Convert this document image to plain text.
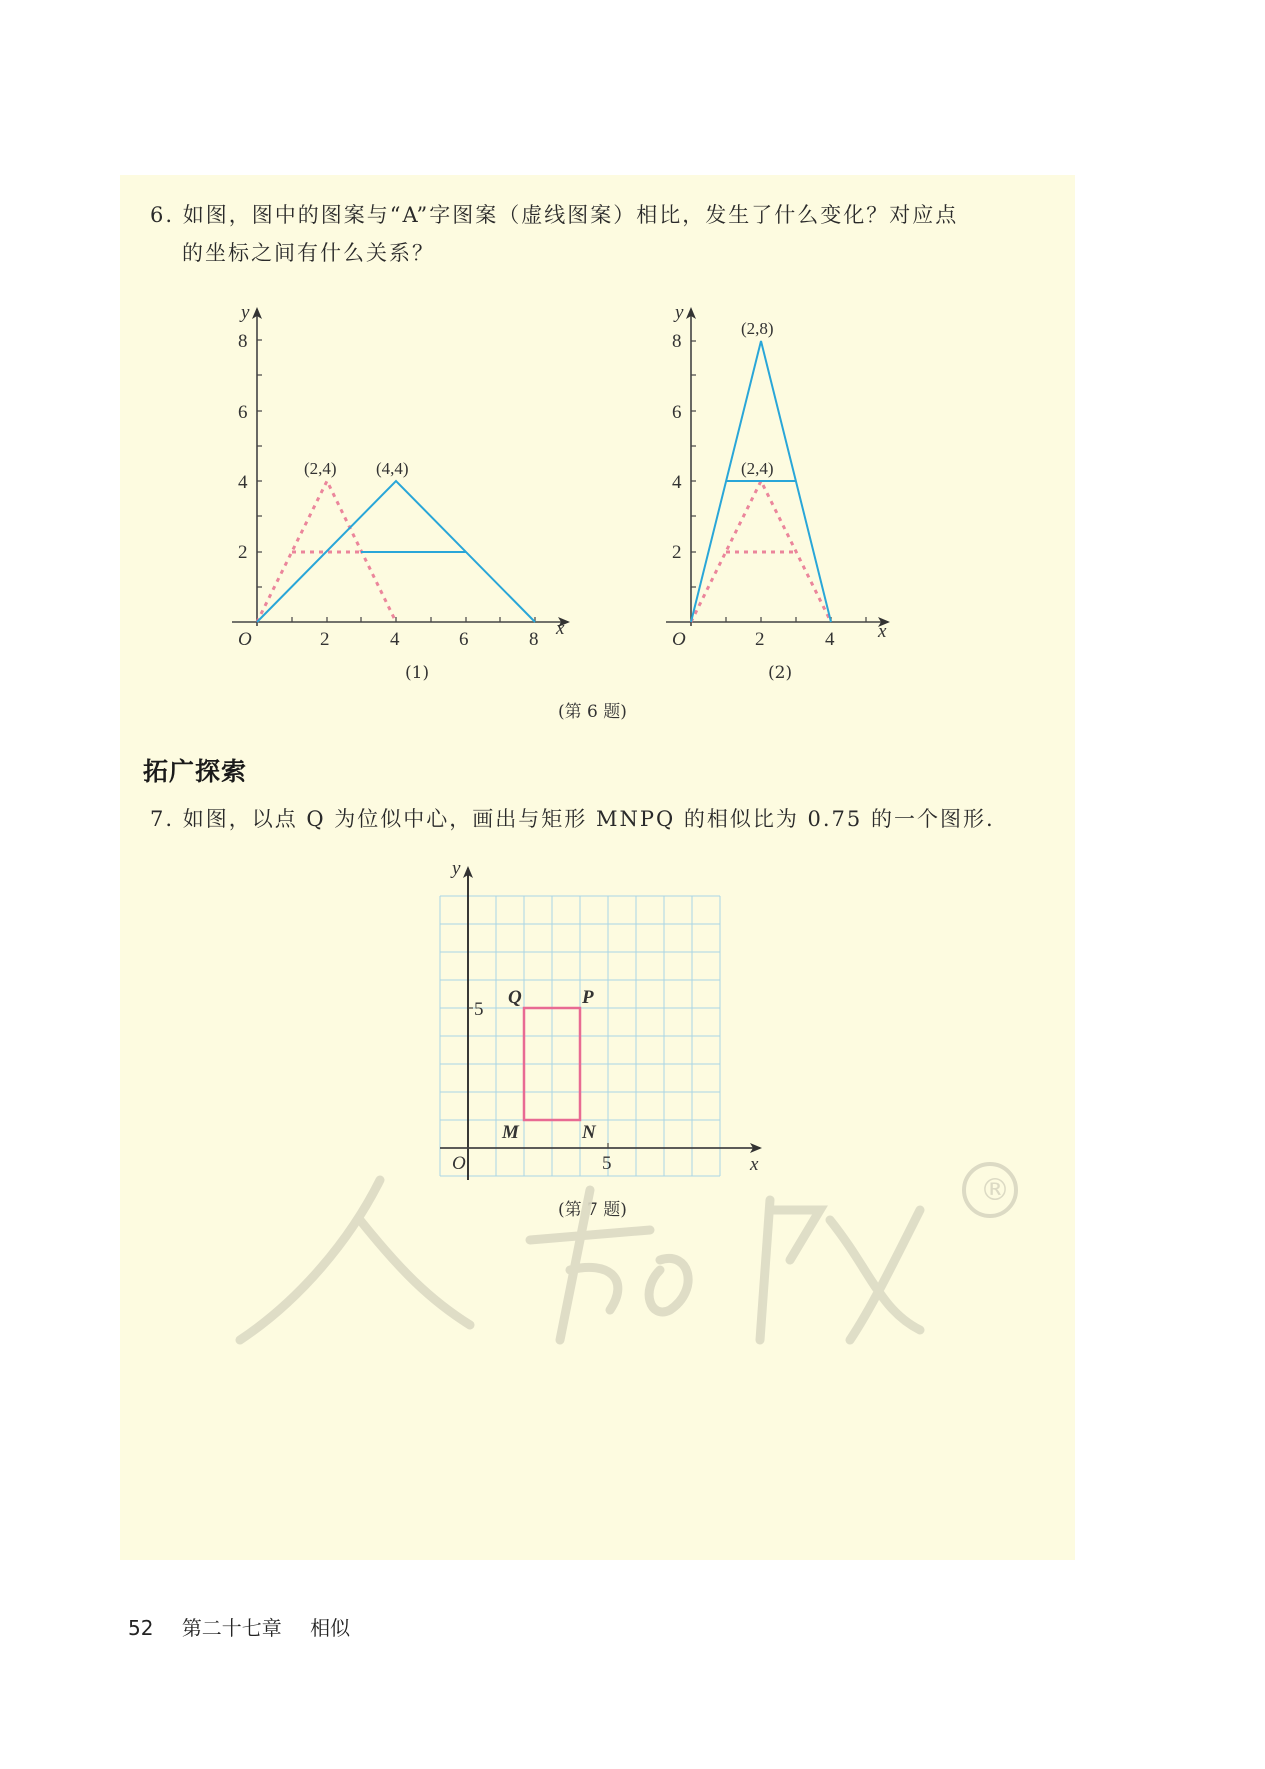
6. 如图，图中的图案与“A”字图案（虚线图案）相比，发生了什么变化？对应点
的坐标之间有什么关系？
y
8
6
4
2
O	2	4	6	8
x
(2,4) (4,4)
y
8
6
4
2
O	2	4 x
(2,8)
(2,4)
y
5
O	5	x
Q	P
M	N
(1)	(2)
(第 6 题)
拓广探索
7. 如图，以点 Q 为位似中心，画出与矩形 MNPQ 的相似比为 0.75 的一个图形.
(第 7 题)
®
52 第二十七章 相似
